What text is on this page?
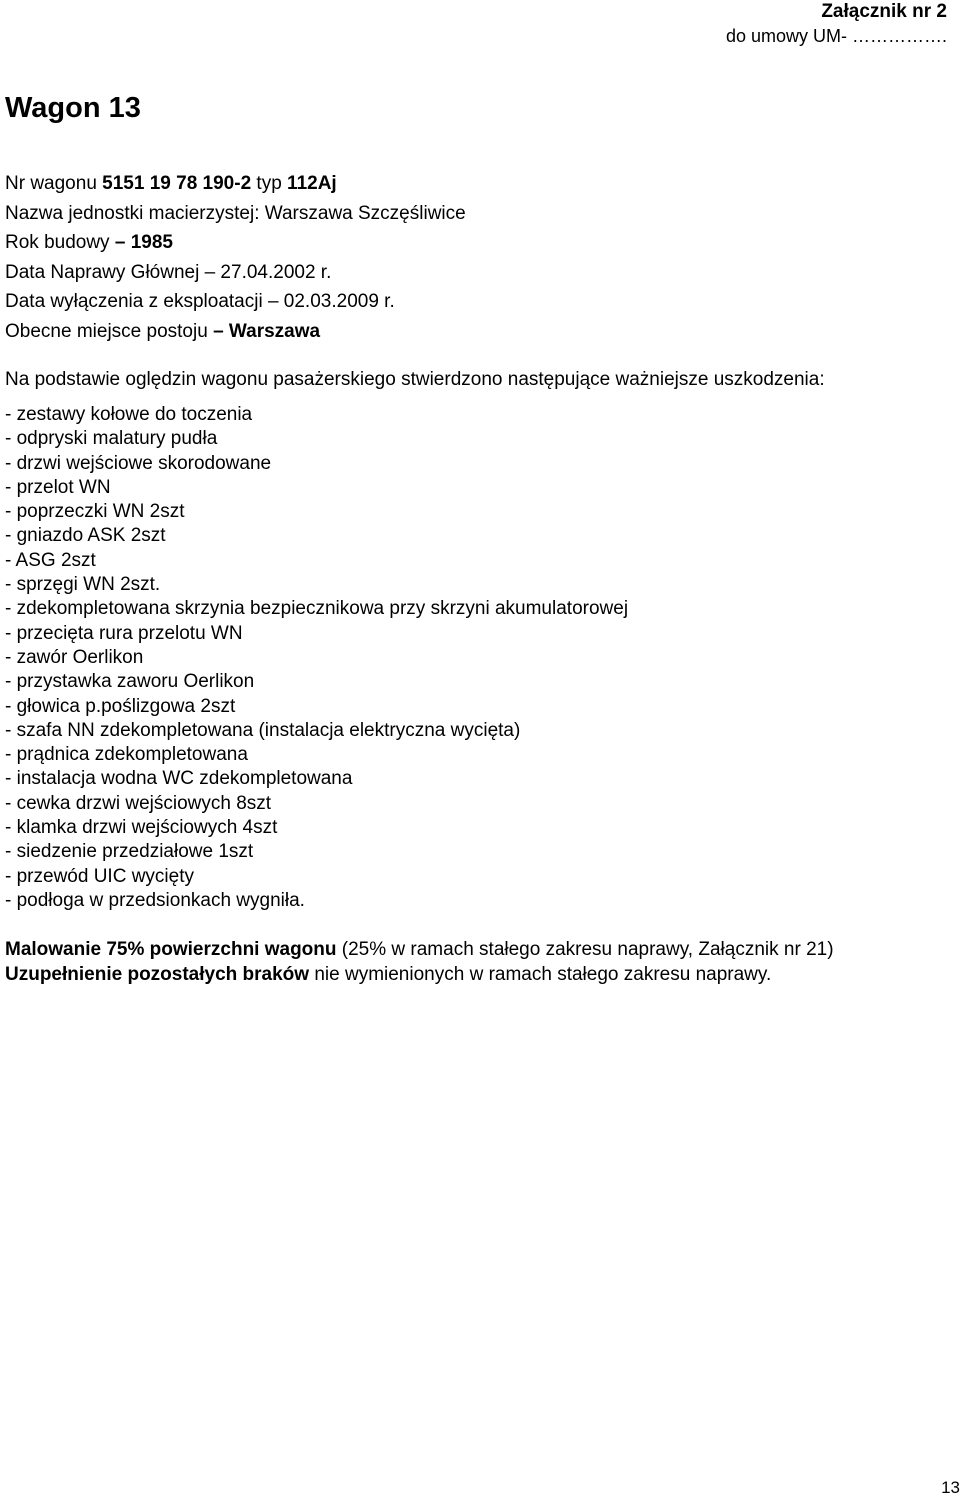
Załącznik nr 2
do umowy UM- …………….
Wagon 13
Nr wagonu 5151 19 78 190-2 typ 112Aj
Nazwa jednostki macierzystej: Warszawa Szczęśliwice
Rok budowy – 1985
Data Naprawy Głównej – 27.04.2002 r.
Data wyłączenia z eksploatacji – 02.03.2009 r.
Obecne miejsce postoju – Warszawa
Na podstawie oględzin wagonu pasażerskiego stwierdzono następujące ważniejsze uszkodzenia:
- zestawy kołowe do toczenia
- odpryski malatury pudła
- drzwi wejściowe skorodowane
- przelot WN
- poprzeczki WN 2szt
- gniazdo ASK 2szt
- ASG 2szt
- sprzęgi WN 2szt.
- zdekompletowana skrzynia bezpiecznikowa przy skrzyni akumulatorowej
- przecięta rura przelotu WN
- zawór Oerlikon
- przystawka zaworu Oerlikon
- głowica p.poślizgowa 2szt
- szafa NN zdekompletowana (instalacja elektryczna wycięta)
- prądnica zdekompletowana
- instalacja wodna WC zdekompletowana
- cewka drzwi wejściowych 8szt
- klamka drzwi wejściowych 4szt
- siedzenie przedziałowe 1szt
- przewód UIC wycięty
- podłoga w przedsionkach wygniła.
Malowanie 75% powierzchni wagonu (25% w ramach stałego zakresu naprawy, Załącznik nr 21)
Uzupełnienie pozostałych braków nie wymienionych w ramach stałego zakresu naprawy.
13
